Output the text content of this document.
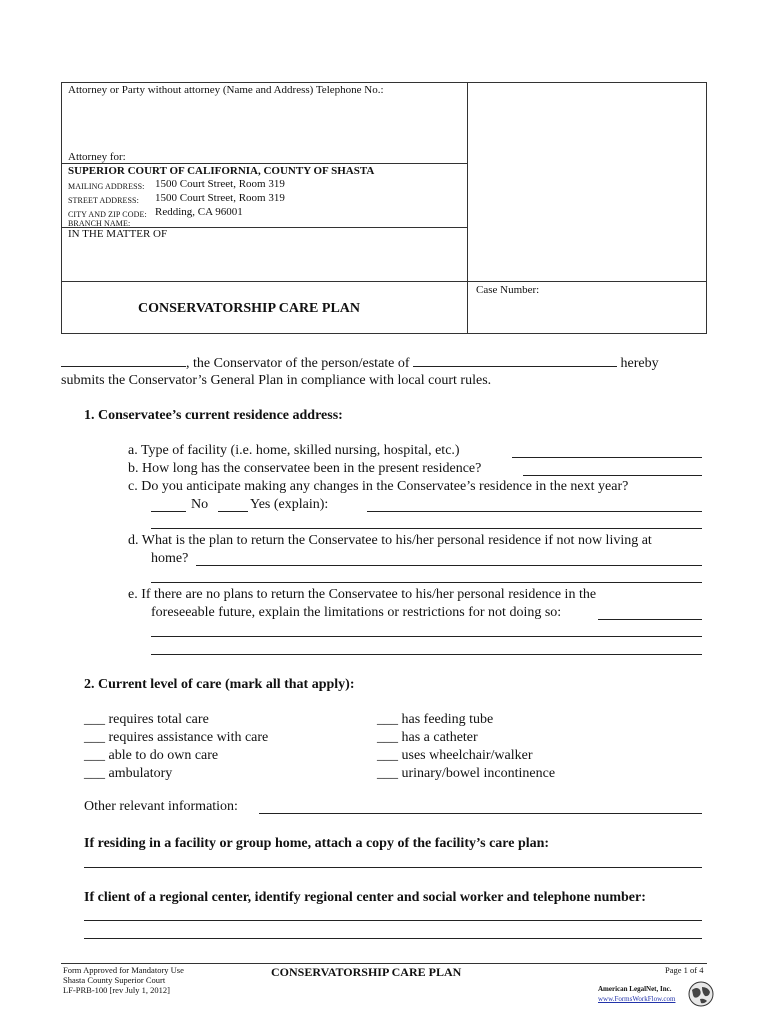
Attorney or Party without attorney (Name and Address) Telephone No.:
Attorney for:
SUPERIOR COURT OF CALIFORNIA, COUNTY OF SHASTA
MAILING ADDRESS: 1500 Court Street, Room 319
STREET ADDRESS: 1500 Court Street, Room 319
CITY AND ZIP CODE: Redding, CA 96001
BRANCH NAME:
IN THE MATTER OF
CONSERVATORSHIP CARE PLAN
Case Number:
, the Conservator of the person/estate of	hereby
submits the Conservator’s General Plan in compliance with local court rules.
1. Conservatee’s current residence address:
a. Type of facility (i.e. home, skilled nursing, hospital, etc.)
b. How long has the conservatee been in the present residence?
c. Do you anticipate making any changes in the Conservatee’s residence in the next year?
No	Yes (explain):
d. What is the plan to return the Conservatee to his/her personal residence if not now living at
home?
e. If there are no plans to return the Conservatee to his/her personal residence in the
foreseeable future, explain the limitations or restrictions for not doing so:
2. Current level of care (mark all that apply):
___ requires total care
___ requires assistance with care
___ able to do own care
___ ambulatory
___ has feeding tube
___ has a catheter
___ uses wheelchair/walker
___ urinary/bowel incontinence
Other relevant information:
If residing in a facility or group home, attach a copy of the facility’s care plan:
If client of a regional center, identify regional center and social worker and telephone number:
Form Approved for Mandatory Use
Shasta County Superior Court
LF-PRB-100 [rev July 1, 2012]
CONSERVATORSHIP CARE PLAN	Page 1 of 4
American LegalNet, Inc.
www.FormsWorkFlow.com
